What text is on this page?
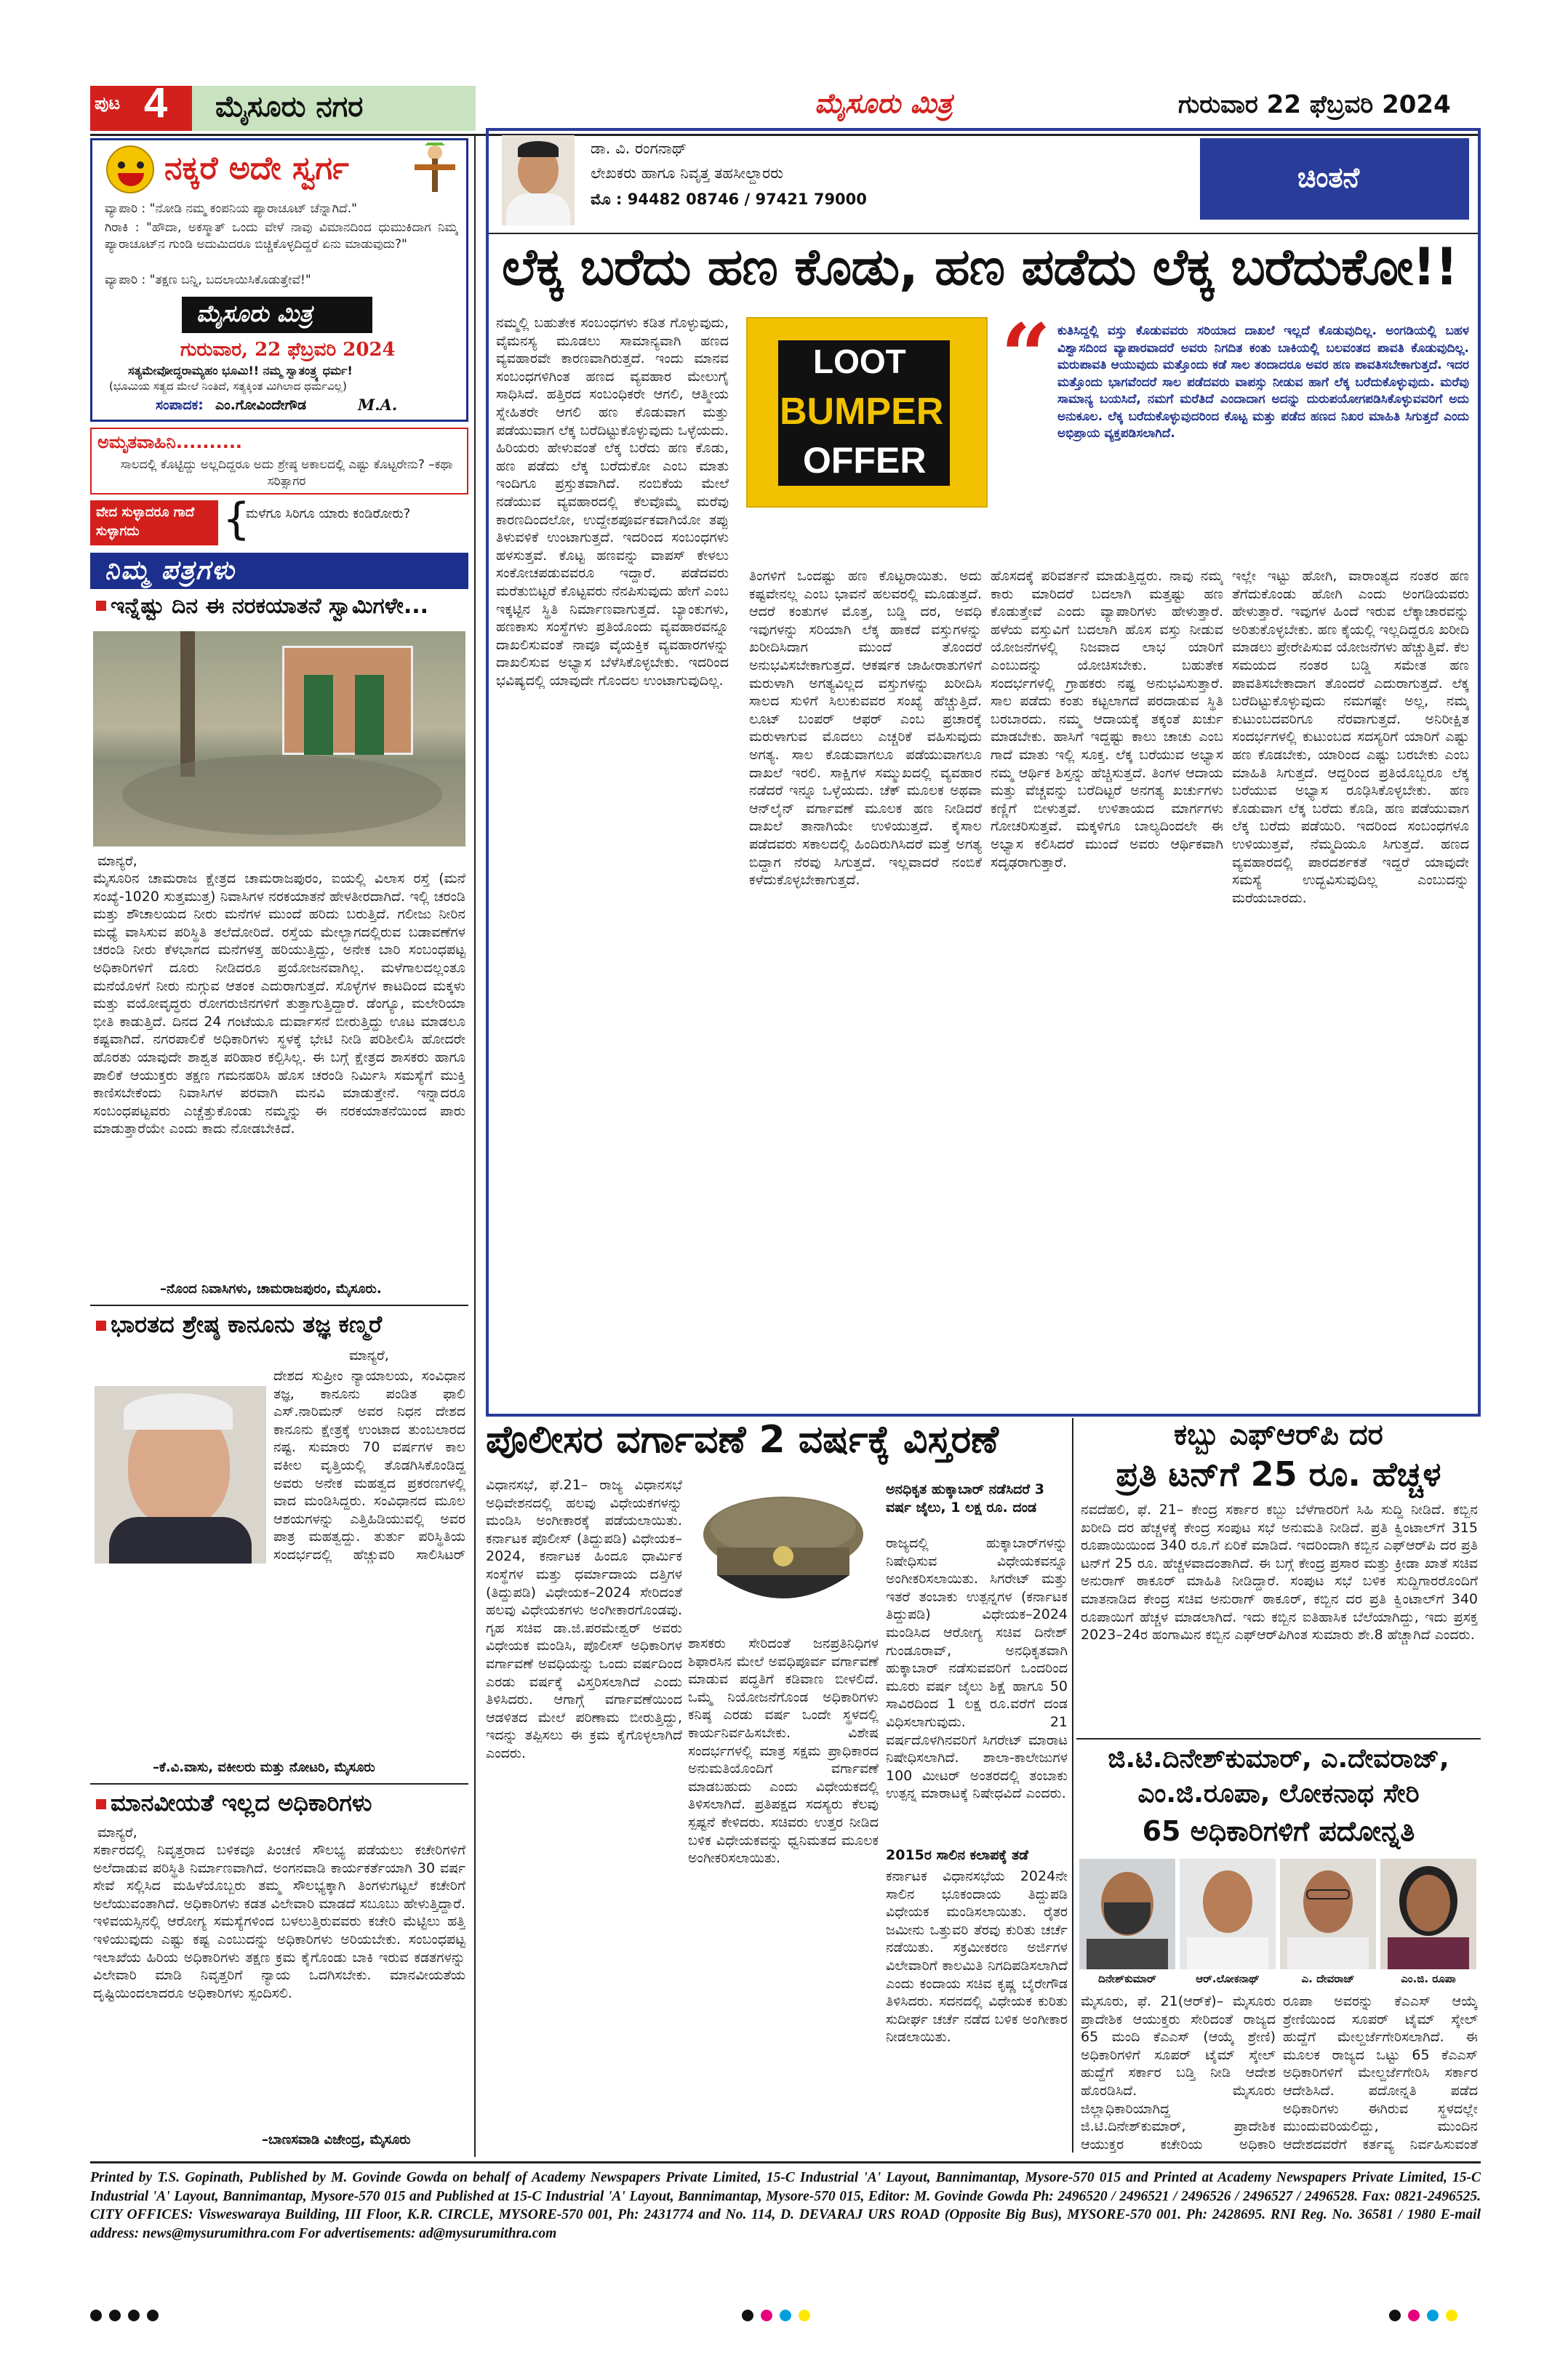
ಪುಟ 4 ಮೈಸೂರು ನಗರ	ಮೈಸೂರು ಮಿತ್ರ	ಗುರುವಾರ 22 ಫೆಬ್ರವರಿ 2024
ನಕ್ಕರೆ ಅದೇ ಸ್ವರ್ಗ
ವ್ಯಾಪಾರಿ : "ನೋಡಿ ನಮ್ಮ ಕಂಪನಿಯ ಪ್ಯಾರಾಚೂಟ್ ಚೆನ್ನಾಗಿದೆ."
ಗಿರಾಕಿ : "ಹೌದಾ, ಅಕಸ್ಮಾತ್ ಒಂದು ವೇಳೆ ನಾವು ವಿಮಾನದಿಂದ ಧುಮುಕಿದಾಗ ನಿಮ್ಮ ಪ್ಯಾರಾಚೂಟ್‌ನ ಗುಂಡಿ ಅದುಮಿದರೂ ಬಿಚ್ಚಿಕೊಳ್ಳದಿದ್ದರೆ ಏನು ಮಾಡುವುದು?"
ವ್ಯಾಪಾರಿ : "ತಕ್ಷಣ ಬನ್ನಿ, ಬದಲಾಯಿಸಿಕೊಡುತ್ತೇವೆ!"
ಮೈಸೂರು ಮಿತ್ರ
ಗುರುವಾರ, 22 ಫೆಬ್ರವರಿ 2024
ಸತ್ಯಮೇವೋದ್ಧರಾಮ್ಯಹಂ ಭೂಮಿ!! ನಮ್ಮ ಸ್ವಾತಂತ್ರ್ಯ ಧರ್ಮ!
(ಭೂಮಿಯ ಸತ್ಯದ ಮೇಲೆ ನಿಂತಿದೆ, ಸತ್ಯಕ್ಕಿಂತ ಮಿಗಿಲಾದ ಧರ್ಮವಿಲ್ಲ)
ಸಂಪಾದಕ: ಎಂ.ಗೋವಿಂದೇಗೌಡ	M.A.
ಅಮೃತವಾಹಿನಿ..........
ಸಾಲದಲ್ಲಿ ಕೊಟ್ಟಿದ್ದು ಅಲ್ಲದಿದ್ದರೂ ಅದು ಶ್ರೇಷ್ಠ ಅಕಾಲದಲ್ಲಿ ಎಷ್ಟು ಕೊಟ್ಟರೇನು? –ಕಥಾ ಸರಿತ್ಸಾಗರ
ವೇದ ಸುಳ್ಳಾದರೂ ಗಾದೆ ಸುಳ್ಳಾಗದು	{
ಮಳೆಗೂ ಸಿರಿಗೂ ಯಾರು ಕಂಡಿರೋರು?
ನಿಮ್ಮ ಪತ್ರಗಳು
ಇನ್ನೆಷ್ಟು ದಿನ ಈ ನರಕಯಾತನೆ ಸ್ವಾಮಿಗಳೇ...
ಮಾನ್ಯರೆ,
ಮೈಸೂರಿನ ಚಾಮರಾಜ ಕ್ಷೇತ್ರದ ಚಾಮರಾಜಪುರಂ, ಐಯಲ್ಲಿ ವಿಲಾಸ ರಸ್ತೆ (ಮನೆ ಸಂಖ್ಯೆ-1020 ಸುತ್ತಮುತ್ತ) ನಿವಾಸಿಗಳ ನರಕಯಾತನೆ ಹೇಳತೀರದಾಗಿದೆ. ಇಲ್ಲಿ ಚರಂಡಿ ಮತ್ತು ಶೌಚಾಲಯದ ನೀರು ಮನೆಗಳ ಮುಂದೆ ಹರಿದು ಬರುತ್ತಿದೆ. ಗಲೀಜು ನೀರಿನ ಮಧ್ಯೆ ವಾಸಿಸುವ ಪರಿಸ್ಥಿತಿ ತಲೆದೋರಿದೆ. ರಸ್ತೆಯ ಮೇಲ್ಭಾಗದಲ್ಲಿರುವ ಬಡಾವಣೆಗಳ ಚರಂಡಿ ನೀರು ಕೆಳಭಾಗದ ಮನೆಗಳತ್ತ ಹರಿಯುತ್ತಿದ್ದು, ಅನೇಕ ಬಾರಿ ಸಂಬಂಧಪಟ್ಟ ಅಧಿಕಾರಿಗಳಿಗೆ ದೂರು ನೀಡಿದರೂ ಪ್ರಯೋಜನವಾಗಿಲ್ಲ. ಮಳೆಗಾಲದಲ್ಲಂತೂ ಮನೆಯೊಳಗೆ ನೀರು ನುಗ್ಗುವ ಆತಂಕ ಎದುರಾಗುತ್ತದೆ. ಸೊಳ್ಳೆಗಳ ಕಾಟದಿಂದ ಮಕ್ಕಳು ಮತ್ತು ವಯೋವೃದ್ಧರು ರೋಗರುಜಿನಗಳಿಗೆ ತುತ್ತಾಗುತ್ತಿದ್ದಾರೆ. ಡೆಂಗ್ಯೂ, ಮಲೇರಿಯಾ ಭೀತಿ ಕಾಡುತ್ತಿದೆ. ದಿನದ 24 ಗಂಟೆಯೂ ದುರ್ವಾಸನೆ ಬೀರುತ್ತಿದ್ದು ಊಟ ಮಾಡಲೂ ಕಷ್ಟವಾಗಿದೆ. ನಗರಪಾಲಿಕೆ ಅಧಿಕಾರಿಗಳು ಸ್ಥಳಕ್ಕೆ ಭೇಟಿ ನೀಡಿ ಪರಿಶೀಲಿಸಿ ಹೋದರೇ ಹೊರತು ಯಾವುದೇ ಶಾಶ್ವತ ಪರಿಹಾರ ಕಲ್ಪಿಸಿಲ್ಲ. ಈ ಬಗ್ಗೆ ಕ್ಷೇತ್ರದ ಶಾಸಕರು ಹಾಗೂ ಪಾಲಿಕೆ ಆಯುಕ್ತರು ತಕ್ಷಣ ಗಮನಹರಿಸಿ ಹೊಸ ಚರಂಡಿ ನಿರ್ಮಿಸಿ ಸಮಸ್ಯೆಗೆ ಮುಕ್ತಿ ಕಾಣಿಸಬೇಕೆಂದು ನಿವಾಸಿಗಳ ಪರವಾಗಿ ಮನವಿ ಮಾಡುತ್ತೇನೆ. ಇನ್ನಾದರೂ ಸಂಬಂಧಪಟ್ಟವರು ಎಚ್ಚೆತ್ತುಕೊಂಡು ನಮ್ಮನ್ನು ಈ ನರಕಯಾತನೆಯಿಂದ ಪಾರು ಮಾಡುತ್ತಾರೆಯೇ ಎಂದು ಕಾದು ನೋಡಬೇಕಿದೆ.
–ನೊಂದ ನಿವಾಸಿಗಳು, ಚಾಮರಾಜಪುರಂ, ಮೈಸೂರು.
ಭಾರತದ ಶ್ರೇಷ್ಠ ಕಾನೂನು ತಜ್ಞ ಕಣ್ಮರೆ
ಮಾನ್ಯರೆ,
ದೇಶದ ಸುಪ್ರೀಂ ನ್ಯಾಯಾಲಯ, ಸಂವಿಧಾನ ತಜ್ಞ, ಕಾನೂನು ಪಂಡಿತ ಫಾಲಿ ಎಸ್.ನಾರಿಮನ್ ಅವರ ನಿಧನ ದೇಶದ ಕಾನೂನು ಕ್ಷೇತ್ರಕ್ಕೆ ಉಂಟಾದ ತುಂಬಲಾರದ ನಷ್ಟ. ಸುಮಾರು 70 ವರ್ಷಗಳ ಕಾಲ ವಕೀಲ ವೃತ್ತಿಯಲ್ಲಿ ತೊಡಗಿಸಿಕೊಂಡಿದ್ದ ಅವರು ಅನೇಕ ಮಹತ್ವದ ಪ್ರಕರಣಗಳಲ್ಲಿ ವಾದ ಮಂಡಿಸಿದ್ದರು. ಸಂವಿಧಾನದ ಮೂಲ ಆಶಯಗಳನ್ನು ಎತ್ತಿಹಿಡಿಯುವಲ್ಲಿ ಅವರ ಪಾತ್ರ ಮಹತ್ವದ್ದು. ತುರ್ತು ಪರಿಸ್ಥಿತಿಯ ಸಂದರ್ಭದಲ್ಲಿ ಹೆಚ್ಚುವರಿ ಸಾಲಿಸಿಟರ್
–ಕೆ.ವಿ.ವಾಸು, ವಕೀಲರು ಮತ್ತು ನೋಟರಿ, ಮೈಸೂರು
ಮಾನವೀಯತೆ ಇಲ್ಲದ ಅಧಿಕಾರಿಗಳು
ಮಾನ್ಯರೆ,
ಸರ್ಕಾರದಲ್ಲಿ ನಿವೃತ್ತರಾದ ಬಳಿಕವೂ ಪಿಂಚಣಿ ಸೌಲಭ್ಯ ಪಡೆಯಲು ಕಚೇರಿಗಳಿಗೆ ಅಲೆದಾಡುವ ಪರಿಸ್ಥಿತಿ ನಿರ್ಮಾಣವಾಗಿದೆ. ಅಂಗನವಾಡಿ ಕಾರ್ಯಕರ್ತೆಯಾಗಿ 30 ವರ್ಷ ಸೇವೆ ಸಲ್ಲಿಸಿದ ಮಹಿಳೆಯೊಬ್ಬರು ತಮ್ಮ ಸೌಲಭ್ಯಕ್ಕಾಗಿ ತಿಂಗಳುಗಟ್ಟಲೆ ಕಚೇರಿಗೆ ಅಲೆಯುವಂತಾಗಿದೆ. ಅಧಿಕಾರಿಗಳು ಕಡತ ವಿಲೇವಾರಿ ಮಾಡದೆ ಸಬೂಬು ಹೇಳುತ್ತಿದ್ದಾರೆ. ಇಳಿವಯಸ್ಸಿನಲ್ಲಿ ಆರೋಗ್ಯ ಸಮಸ್ಯೆಗಳಿಂದ ಬಳಲುತ್ತಿರುವವರು ಕಚೇರಿ ಮೆಟ್ಟಿಲು ಹತ್ತಿ ಇಳಿಯುವುದು ಎಷ್ಟು ಕಷ್ಟ ಎಂಬುದನ್ನು ಅಧಿಕಾರಿಗಳು ಅರಿಯಬೇಕು. ಸಂಬಂಧಪಟ್ಟ ಇಲಾಖೆಯ ಹಿರಿಯ ಅಧಿಕಾರಿಗಳು ತಕ್ಷಣ ಕ್ರಮ ಕೈಗೊಂಡು ಬಾಕಿ ಇರುವ ಕಡತಗಳನ್ನು ವಿಲೇವಾರಿ ಮಾಡಿ ನಿವೃತ್ತರಿಗೆ ನ್ಯಾಯ ಒದಗಿಸಬೇಕು. ಮಾನವೀಯತೆಯ ದೃಷ್ಟಿಯಿಂದಲಾದರೂ ಅಧಿಕಾರಿಗಳು ಸ್ಪಂದಿಸಲಿ.
–ಬಾಣಸವಾಡಿ ವಿಜೇಂದ್ರ, ಮೈಸೂರು
ಡಾ. ವಿ. ರಂಗನಾಥ್
ಲೇಖಕರು ಹಾಗೂ ನಿವೃತ್ತ ತಹಸೀಲ್ದಾರರು
ಮೊ : 94482 08746 / 97421 79000
ಚಿಂತನೆ
ಲೆಕ್ಕ ಬರೆದು ಹಣ ಕೊಡು, ಹಣ ಪಡೆದು ಲೆಕ್ಕ ಬರೆದುಕೋ!!
ನಮ್ಮಲ್ಲಿ ಬಹುತೇಕ ಸಂಬಂಧಗಳು ಕಡಿತ ಗೊಳ್ಳುವುದು, ವೈಮನಸ್ಯ ಮೂಡಲು ಸಾಮಾನ್ಯವಾಗಿ ಹಣದ ವ್ಯವಹಾರವೇ ಕಾರಣವಾಗಿರುತ್ತದೆ. ಇಂದು ಮಾನವ ಸಂಬಂಧಗಳಿಗಿಂತ ಹಣದ ವ್ಯವಹಾರ ಮೇಲುಗೈ ಸಾಧಿಸಿದೆ. ಹತ್ತಿರದ ಸಂಬಂಧಿಕರೇ ಆಗಲಿ, ಆತ್ಮೀಯ ಸ್ನೇಹಿತರೇ ಆಗಲಿ ಹಣ ಕೊಡುವಾಗ ಮತ್ತು ಪಡೆಯುವಾಗ ಲೆಕ್ಕ ಬರೆದಿಟ್ಟುಕೊಳ್ಳುವುದು ಒಳ್ಳೆಯದು. ಹಿರಿಯರು ಹೇಳುವಂತೆ ಲೆಕ್ಕ ಬರೆದು ಹಣ ಕೊಡು, ಹಣ ಪಡೆದು ಲೆಕ್ಕ ಬರೆದುಕೋ ಎಂಬ ಮಾತು ಇಂದಿಗೂ ಪ್ರಸ್ತುತವಾಗಿದೆ. ನಂಬಿಕೆಯ ಮೇಲೆ ನಡೆಯುವ ವ್ಯವಹಾರದಲ್ಲಿ ಕೆಲವೊಮ್ಮೆ ಮರೆವು ಕಾರಣದಿಂದಲೋ, ಉದ್ದೇಶಪೂರ್ವಕವಾಗಿಯೋ ತಪ್ಪು ತಿಳುವಳಿಕೆ ಉಂಟಾಗುತ್ತದೆ. ಇದರಿಂದ ಸಂಬಂಧಗಳು ಹಳಸುತ್ತವೆ. ಕೊಟ್ಟ ಹಣವನ್ನು ವಾಪಸ್ ಕೇಳಲು ಸಂಕೋಚಪಡುವವರೂ ಇದ್ದಾರೆ. ಪಡೆದವರು ಮರೆತುಬಿಟ್ಟರೆ ಕೊಟ್ಟವರು ನೆನಪಿಸುವುದು ಹೇಗೆ ಎಂಬ ಇಕ್ಕಟ್ಟಿನ ಸ್ಥಿತಿ ನಿರ್ಮಾಣವಾಗುತ್ತದೆ. ಬ್ಯಾಂಕುಗಳು, ಹಣಕಾಸು ಸಂಸ್ಥೆಗಳು ಪ್ರತಿಯೊಂದು ವ್ಯವಹಾರವನ್ನೂ ದಾಖಲಿಸುವಂತೆ ನಾವೂ ವೈಯಕ್ತಿಕ ವ್ಯವಹಾರಗಳನ್ನು ದಾಖಲಿಸುವ ಅಭ್ಯಾಸ ಬೆಳೆಸಿಕೊಳ್ಳಬೇಕು. ಇದರಿಂದ ಭವಿಷ್ಯದಲ್ಲಿ ಯಾವುದೇ ಗೊಂದಲ ಉಂಟಾಗುವುದಿಲ್ಲ.
LOOT
BUMPER
OFFER
“ ಕುತಿಸಿದ್ದಲ್ಲಿ ವಸ್ತು ಕೊಡುವವರು ಸರಿಯಾದ ದಾಖಲೆ ಇಲ್ಲದೆ ಕೊಡುವುದಿಲ್ಲ. ಅಂಗಡಿಯಲ್ಲಿ ಬಹಳ ವಿಶ್ವಾಸದಿಂದ ವ್ಯಾಪಾರವಾದರೆ ಅವರು ನಿಗದಿತ ಕಂತು ಬಾಕಿಯಲ್ಲಿ ಬಲವಂತದ ಪಾವತಿ ಕೊಡುವುದಿಲ್ಲ. ಮರುಪಾವತಿ ಆಯುವುದು ಮತ್ತೊಂದು ಕಡೆ ಸಾಲ ತಂದಾದರೂ ಅವರ ಹಣ ಪಾವತಿಸಬೇಕಾಗುತ್ತದೆ. ಇದರ ಮತ್ತೊಂದು ಭಾಗವೆಂದರೆ ಸಾಲ ಪಡೆದವರು ವಾಪಸ್ಸು ನೀಡುವ ಹಾಗೆ ಲೆಕ್ಕ ಬರೆದುಕೊಳ್ಳುವುದು. ಮರೆವು ಸಾಮಾನ್ಯ ಬಯಸಿದೆ, ನಮಗೆ ಮರೆತಿದೆ ಎಂದಾದಾಗ ಅದನ್ನು ದುರುಪಯೋಗಪಡಿಸಿಕೊಳ್ಳುವವರಿಗೆ ಅದು ಅನುಕೂಲ. ಲೆಕ್ಕ ಬರೆದುಕೊಳ್ಳುವುದರಿಂದ ಕೊಟ್ಟ ಮತ್ತು ಪಡೆದ ಹಣದ ನಿಖರ ಮಾಹಿತಿ ಸಿಗುತ್ತದೆ ಎಂದು ಅಭಿಪ್ರಾಯ ವ್ಯಕ್ತಪಡಿಸಲಾಗಿದೆ.
ತಿಂಗಳಿಗೆ ಒಂದಷ್ಟು ಹಣ ಕೊಟ್ಟರಾಯಿತು. ಅದು ಕಷ್ಟವೇನಲ್ಲ ಎಂಬ ಭಾವನೆ ಹಲವರಲ್ಲಿ ಮೂಡುತ್ತದೆ. ಆದರೆ ಕಂತುಗಳ ಮೊತ್ತ, ಬಡ್ಡಿ ದರ, ಅವಧಿ ಇವುಗಳನ್ನು ಸರಿಯಾಗಿ ಲೆಕ್ಕ ಹಾಕದೆ ವಸ್ತುಗಳನ್ನು ಖರೀದಿಸಿದಾಗ ಮುಂದೆ ತೊಂದರೆ ಅನುಭವಿಸಬೇಕಾಗುತ್ತದೆ. ಆಕರ್ಷಕ ಜಾಹೀರಾತುಗಳಿಗೆ ಮರುಳಾಗಿ ಅಗತ್ಯವಿಲ್ಲದ ವಸ್ತುಗಳನ್ನು ಖರೀದಿಸಿ ಸಾಲದ ಸುಳಿಗೆ ಸಿಲುಕುವವರ ಸಂಖ್ಯೆ ಹೆಚ್ಚುತ್ತಿದೆ. ಲೂಟ್ ಬಂಪರ್ ಆಫರ್ ಎಂಬ ಪ್ರಚಾರಕ್ಕೆ ಮರುಳಾಗುವ ಮೊದಲು ಎಚ್ಚರಿಕೆ ವಹಿಸುವುದು ಅಗತ್ಯ. ಸಾಲ ಕೊಡುವಾಗಲೂ ಪಡೆಯುವಾಗಲೂ ದಾಖಲೆ ಇರಲಿ. ಸಾಕ್ಷಿಗಳ ಸಮ್ಮುಖದಲ್ಲಿ ವ್ಯವಹಾರ ನಡೆದರೆ ಇನ್ನೂ ಒಳ್ಳೆಯದು. ಚೆಕ್ ಮೂಲಕ ಅಥವಾ ಆನ್‌ಲೈನ್ ವರ್ಗಾವಣೆ ಮೂಲಕ ಹಣ ನೀಡಿದರೆ ದಾಖಲೆ ತಾನಾಗಿಯೇ ಉಳಿಯುತ್ತದೆ. ಕೈಸಾಲ ಪಡೆದವರು ಸಕಾಲದಲ್ಲಿ ಹಿಂದಿರುಗಿಸಿದರೆ ಮತ್ತೆ ಅಗತ್ಯ ಬಿದ್ದಾಗ ನೆರವು ಸಿಗುತ್ತದೆ. ಇಲ್ಲವಾದರೆ ನಂಬಿಕೆ ಕಳೆದುಕೊಳ್ಳಬೇಕಾಗುತ್ತದೆ.
ಹೊಸದಕ್ಕೆ ಪರಿವರ್ತನೆ ಮಾಡುತ್ತಿದ್ದರು. ನಾವು ನಮ್ಮ ಕಾರು ಮಾರಿದರೆ ಬದಲಾಗಿ ಮತ್ತಷ್ಟು ಹಣ ಕೊಡುತ್ತೇವೆ ಎಂದು ವ್ಯಾಪಾರಿಗಳು ಹೇಳುತ್ತಾರೆ. ಹಳೆಯ ವಸ್ತುವಿಗೆ ಬದಲಾಗಿ ಹೊಸ ವಸ್ತು ನೀಡುವ ಯೋಜನೆಗಳಲ್ಲಿ ನಿಜವಾದ ಲಾಭ ಯಾರಿಗೆ ಎಂಬುದನ್ನು ಯೋಚಿಸಬೇಕು. ಬಹುತೇಕ ಸಂದರ್ಭಗಳಲ್ಲಿ ಗ್ರಾಹಕರು ನಷ್ಟ ಅನುಭವಿಸುತ್ತಾರೆ. ಸಾಲ ಪಡೆದು ಕಂತು ಕಟ್ಟಲಾಗದೆ ಪರದಾಡುವ ಸ್ಥಿತಿ ಬರಬಾರದು. ನಮ್ಮ ಆದಾಯಕ್ಕೆ ತಕ್ಕಂತೆ ಖರ್ಚು ಮಾಡಬೇಕು. ಹಾಸಿಗೆ ಇದ್ದಷ್ಟು ಕಾಲು ಚಾಚು ಎಂಬ ಗಾದೆ ಮಾತು ಇಲ್ಲಿ ಸೂಕ್ತ. ಲೆಕ್ಕ ಬರೆಯುವ ಅಭ್ಯಾಸ ನಮ್ಮ ಆರ್ಥಿಕ ಶಿಸ್ತನ್ನು ಹೆಚ್ಚಿಸುತ್ತದೆ. ತಿಂಗಳ ಆದಾಯ ಮತ್ತು ವೆಚ್ಚವನ್ನು ಬರೆದಿಟ್ಟರೆ ಅನಗತ್ಯ ಖರ್ಚುಗಳು ಕಣ್ಣಿಗೆ ಬೀಳುತ್ತವೆ. ಉಳಿತಾಯದ ಮಾರ್ಗಗಳು ಗೋಚರಿಸುತ್ತವೆ. ಮಕ್ಕಳಿಗೂ ಬಾಲ್ಯದಿಂದಲೇ ಈ ಅಭ್ಯಾಸ ಕಲಿಸಿದರೆ ಮುಂದೆ ಅವರು ಆರ್ಥಿಕವಾಗಿ ಸದೃಢರಾಗುತ್ತಾರೆ.
ಇಲ್ಲೇ ಇಟ್ಟು ಹೋಗಿ, ವಾರಾಂತ್ಯದ ನಂತರ ಹಣ ತೆಗೆದುಕೊಂಡು ಹೋಗಿ ಎಂದು ಅಂಗಡಿಯವರು ಹೇಳುತ್ತಾರೆ. ಇವುಗಳ ಹಿಂದೆ ಇರುವ ಲೆಕ್ಕಾಚಾರವನ್ನು ಅರಿತುಕೊಳ್ಳಬೇಕು. ಹಣ ಕೈಯಲ್ಲಿ ಇಲ್ಲದಿದ್ದರೂ ಖರೀದಿ ಮಾಡಲು ಪ್ರೇರೇಪಿಸುವ ಯೋಜನೆಗಳು ಹೆಚ್ಚುತ್ತಿವೆ. ಕೆಲ ಸಮಯದ ನಂತರ ಬಡ್ಡಿ ಸಮೇತ ಹಣ ಪಾವತಿಸಬೇಕಾದಾಗ ತೊಂದರೆ ಎದುರಾಗುತ್ತದೆ. ಲೆಕ್ಕ ಬರೆದಿಟ್ಟುಕೊಳ್ಳುವುದು ನಮಗಷ್ಟೇ ಅಲ್ಲ, ನಮ್ಮ ಕುಟುಂಬದವರಿಗೂ ನೆರವಾಗುತ್ತದೆ. ಅನಿರೀಕ್ಷಿತ ಸಂದರ್ಭಗಳಲ್ಲಿ ಕುಟುಂಬದ ಸದಸ್ಯರಿಗೆ ಯಾರಿಗೆ ಎಷ್ಟು ಹಣ ಕೊಡಬೇಕು, ಯಾರಿಂದ ಎಷ್ಟು ಬರಬೇಕು ಎಂಬ ಮಾಹಿತಿ ಸಿಗುತ್ತದೆ. ಆದ್ದರಿಂದ ಪ್ರತಿಯೊಬ್ಬರೂ ಲೆಕ್ಕ ಬರೆಯುವ ಅಭ್ಯಾಸ ರೂಢಿಸಿಕೊಳ್ಳಬೇಕು. ಹಣ ಕೊಡುವಾಗ ಲೆಕ್ಕ ಬರೆದು ಕೊಡಿ, ಹಣ ಪಡೆಯುವಾಗ ಲೆಕ್ಕ ಬರೆದು ಪಡೆಯಿರಿ. ಇದರಿಂದ ಸಂಬಂಧಗಳೂ ಉಳಿಯುತ್ತವೆ, ನೆಮ್ಮದಿಯೂ ಸಿಗುತ್ತದೆ. ಹಣದ ವ್ಯವಹಾರದಲ್ಲಿ ಪಾರದರ್ಶಕತೆ ಇದ್ದರೆ ಯಾವುದೇ ಸಮಸ್ಯೆ ಉದ್ಭವಿಸುವುದಿಲ್ಲ ಎಂಬುದನ್ನು ಮರೆಯಬಾರದು.
ಪೊಲೀಸರ ವರ್ಗಾವಣೆ 2 ವರ್ಷಕ್ಕೆ ವಿಸ್ತರಣೆ
ವಿಧಾನಸಭೆ, ಫೆ.21– ರಾಜ್ಯ ವಿಧಾನಸಭೆ ಅಧಿವೇಶನದಲ್ಲಿ ಹಲವು ವಿಧೇಯಕಗಳನ್ನು ಮಂಡಿಸಿ ಅಂಗೀಕಾರಕ್ಕೆ ಪಡೆಯಲಾಯಿತು. ಕರ್ನಾಟಕ ಪೊಲೀಸ್ (ತಿದ್ದುಪಡಿ) ವಿಧೇಯಕ–2024, ಕರ್ನಾಟಕ ಹಿಂದೂ ಧಾರ್ಮಿಕ ಸಂಸ್ಥೆಗಳ ಮತ್ತು ಧರ್ಮಾದಾಯ ದತ್ತಿಗಳ (ತಿದ್ದುಪಡಿ) ವಿಧೇಯಕ–2024 ಸೇರಿದಂತೆ ಹಲವು ವಿಧೇಯಕಗಳು ಅಂಗೀಕಾರಗೊಂಡವು. ಗೃಹ ಸಚಿವ ಡಾ.ಜಿ.ಪರಮೇಶ್ವರ್ ಅವರು ವಿಧೇಯಕ ಮಂಡಿಸಿ, ಪೊಲೀಸ್ ಅಧಿಕಾರಿಗಳ ವರ್ಗಾವಣೆ ಅವಧಿಯನ್ನು ಒಂದು ವರ್ಷದಿಂದ ಎರಡು ವರ್ಷಕ್ಕೆ ವಿಸ್ತರಿಸಲಾಗಿದೆ ಎಂದು ತಿಳಿಸಿದರು. ಆಗಾಗ್ಗೆ ವರ್ಗಾವಣೆಯಿಂದ ಆಡಳಿತದ ಮೇಲೆ ಪರಿಣಾಮ ಬೀರುತ್ತಿದ್ದು, ಇದನ್ನು ತಪ್ಪಿಸಲು ಈ ಕ್ರಮ ಕೈಗೊಳ್ಳಲಾಗಿದೆ ಎಂದರು.
ಶಾಸಕರು ಸೇರಿದಂತೆ ಜನಪ್ರತಿನಿಧಿಗಳ ಶಿಫಾರಸಿನ ಮೇಲೆ ಅವಧಿಪೂರ್ವ ವರ್ಗಾವಣೆ ಮಾಡುವ ಪದ್ಧತಿಗೆ ಕಡಿವಾಣ ಬೀಳಲಿದೆ. ಒಮ್ಮೆ ನಿಯೋಜನೆಗೊಂಡ ಅಧಿಕಾರಿಗಳು ಕನಿಷ್ಠ ಎರಡು ವರ್ಷ ಒಂದೇ ಸ್ಥಳದಲ್ಲಿ ಕಾರ್ಯನಿರ್ವಹಿಸಬೇಕು. ವಿಶೇಷ ಸಂದರ್ಭಗಳಲ್ಲಿ ಮಾತ್ರ ಸಕ್ಷಮ ಪ್ರಾಧಿಕಾರದ ಅನುಮತಿಯೊಂದಿಗೆ ವರ್ಗಾವಣೆ ಮಾಡಬಹುದು ಎಂದು ವಿಧೇಯಕದಲ್ಲಿ ತಿಳಿಸಲಾಗಿದೆ. ಪ್ರತಿಪಕ್ಷದ ಸದಸ್ಯರು ಕೆಲವು ಸ್ಪಷ್ಟನೆ ಕೇಳಿದರು. ಸಚಿವರು ಉತ್ತರ ನೀಡಿದ ಬಳಿಕ ವಿಧೇಯಕವನ್ನು ಧ್ವನಿಮತದ ಮೂಲಕ ಅಂಗೀಕರಿಸಲಾಯಿತು.
ಅನಧಿಕೃತ ಹುಕ್ಕಾಬಾರ್ ನಡೆಸಿದರೆ 3 ವರ್ಷ ಜೈಲು, 1 ಲಕ್ಷ ರೂ. ದಂಡ
ರಾಜ್ಯದಲ್ಲಿ ಹುಕ್ಕಾಬಾರ್‌ಗಳನ್ನು ನಿಷೇಧಿಸುವ ವಿಧೇಯಕವನ್ನೂ ಅಂಗೀಕರಿಸಲಾಯಿತು. ಸಿಗರೇಟ್ ಮತ್ತು ಇತರೆ ತಂಬಾಕು ಉತ್ಪನ್ನಗಳ (ಕರ್ನಾಟಕ ತಿದ್ದುಪಡಿ) ವಿಧೇಯಕ–2024 ಮಂಡಿಸಿದ ಆರೋಗ್ಯ ಸಚಿವ ದಿನೇಶ್ ಗುಂಡೂರಾವ್, ಅನಧಿಕೃತವಾಗಿ ಹುಕ್ಕಾಬಾರ್ ನಡೆಸುವವರಿಗೆ ಒಂದರಿಂದ ಮೂರು ವರ್ಷ ಜೈಲು ಶಿಕ್ಷೆ ಹಾಗೂ 50 ಸಾವಿರದಿಂದ 1 ಲಕ್ಷ ರೂ.ವರೆಗೆ ದಂಡ ವಿಧಿಸಲಾಗುವುದು. 21 ವರ್ಷದೊಳಗಿನವರಿಗೆ ಸಿಗರೇಟ್ ಮಾರಾಟ ನಿಷೇಧಿಸಲಾಗಿದೆ. ಶಾಲಾ-ಕಾಲೇಜುಗಳ 100 ಮೀಟರ್ ಅಂತರದಲ್ಲಿ ತಂಬಾಕು ಉತ್ಪನ್ನ ಮಾರಾಟಕ್ಕೆ ನಿಷೇಧವಿದೆ ಎಂದರು.
2015ರ ಸಾಲಿನ ಕಲಾಪಕ್ಕೆ ತಡೆ
ಕರ್ನಾಟಕ ವಿಧಾನಸಭೆಯ 2024ನೇ ಸಾಲಿನ ಭೂಕಂದಾಯ ತಿದ್ದುಪಡಿ ವಿಧೇಯಕ ಮಂಡಿಸಲಾಯಿತು. ರೈತರ ಜಮೀನು ಒತ್ತುವರಿ ತೆರವು ಕುರಿತು ಚರ್ಚೆ ನಡೆಯಿತು. ಸಕ್ರಮೀಕರಣ ಅರ್ಜಿಗಳ ವಿಲೇವಾರಿಗೆ ಕಾಲಮಿತಿ ನಿಗದಿಪಡಿಸಲಾಗಿದೆ ಎಂದು ಕಂದಾಯ ಸಚಿವ ಕೃಷ್ಣ ಬೈರೇಗೌಡ ತಿಳಿಸಿದರು. ಸದನದಲ್ಲಿ ವಿಧೇಯಕ ಕುರಿತು ಸುದೀರ್ಘ ಚರ್ಚೆ ನಡೆದ ಬಳಿಕ ಅಂಗೀಕಾರ ನೀಡಲಾಯಿತು.
ಕಬ್ಬು ಎಫ್‌ಆರ್‌ಪಿ ದರ
ಪ್ರತಿ ಟನ್‌ಗೆ 25 ರೂ. ಹೆಚ್ಚಳ
ನವದೆಹಲಿ, ಫೆ. 21– ಕೇಂದ್ರ ಸರ್ಕಾರ ಕಬ್ಬು ಬೆಳೆಗಾರರಿಗೆ ಸಿಹಿ ಸುದ್ದಿ ನೀಡಿದೆ. ಕಬ್ಬಿನ ಖರೀದಿ ದರ ಹೆಚ್ಚಳಕ್ಕೆ ಕೇಂದ್ರ ಸಂಪುಟ ಸಭೆ ಅನುಮತಿ ನೀಡಿದೆ. ಪ್ರತಿ ಕ್ವಿಂಟಾಲ್‌ಗೆ 315 ರೂಪಾಯಿಯಿಂದ 340 ರೂ.ಗೆ ಏರಿಕೆ ಮಾಡಿದೆ. ಇದರಿಂದಾಗಿ ಕಬ್ಬಿನ ಎಫ್‌ಆರ್‌ಪಿ ದರ ಪ್ರತಿ ಟನ್‌ಗೆ 25 ರೂ. ಹೆಚ್ಚಳವಾದಂತಾಗಿದೆ. ಈ ಬಗ್ಗೆ ಕೇಂದ್ರ ಪ್ರಸಾರ ಮತ್ತು ಕ್ರೀಡಾ ಖಾತೆ ಸಚಿವ ಅನುರಾಗ್ ಠಾಕೂರ್ ಮಾಹಿತಿ ನೀಡಿದ್ದಾರೆ. ಸಂಪುಟ ಸಭೆ ಬಳಿಕ ಸುದ್ದಿಗಾರರೊಂದಿಗೆ ಮಾತನಾಡಿದ ಕೇಂದ್ರ ಸಚಿವ ಅನುರಾಗ್ ಠಾಕೂರ್, ಕಬ್ಬಿನ ದರ ಪ್ರತಿ ಕ್ವಿಂಟಾಲ್‌ಗೆ 340 ರೂಪಾಯಿಗೆ ಹೆಚ್ಚಳ ಮಾಡಲಾಗಿದೆ. ಇದು ಕಬ್ಬಿನ ಐತಿಹಾಸಿಕ ಬೆಲೆಯಾಗಿದ್ದು, ಇದು ಪ್ರಸಕ್ತ 2023–24ರ ಹಂಗಾಮಿನ ಕಬ್ಬಿನ ಎಫ್‌ಆರ್‌ಪಿಗಿಂತ ಸುಮಾರು ಶೇ.8 ಹೆಚ್ಚಾಗಿದೆ ಎಂದರು.
ಜಿ.ಟಿ.ದಿನೇಶ್‌ಕುಮಾರ್, ಎ.ದೇವರಾಜ್,
ಎಂ.ಜಿ.ರೂಪಾ, ಲೋಕನಾಥ ಸೇರಿ
65 ಅಧಿಕಾರಿಗಳಿಗೆ ಪದೋನ್ನತಿ
ದಿನೇಶ್‌ಕುಮಾರ್	ಆರ್.ಲೋಕನಾಥ್	ಎ. ದೇವರಾಜ್	ಎಂ.ಜಿ. ರೂಪಾ
ಮೈಸೂರು, ಫೆ. 21(ಆರ್‌ಕೆ)– ಮೈಸೂರು ಪ್ರಾದೇಶಿಕ ಆಯುಕ್ತರು ಸೇರಿದಂತೆ ರಾಜ್ಯದ 65 ಮಂದಿ ಕೆಎಎಸ್ (ಆಯ್ಕೆ ಶ್ರೇಣಿ) ಅಧಿಕಾರಿಗಳಿಗೆ ಸೂಪರ್ ಟೈಮ್ ಸ್ಕೇಲ್ ಹುದ್ದೆಗೆ ಸರ್ಕಾರ ಬಡ್ತಿ ನೀಡಿ ಆದೇಶ ಹೊರಡಿಸಿದೆ. ಮೈಸೂರು ಜಿಲ್ಲಾಧಿಕಾರಿಯಾಗಿದ್ದ ಜಿ.ಟಿ.ದಿನೇಶ್‌ಕುಮಾರ್, ಪ್ರಾದೇಶಿಕ ಆಯುಕ್ತರ ಕಚೇರಿಯ ಅಧಿಕಾರಿ
ರೂಪಾ ಅವರನ್ನು ಕೆಎಎಸ್ ಆಯ್ಕೆ ಶ್ರೇಣಿಯಿಂದ ಸೂಪರ್ ಟೈಮ್ ಸ್ಕೇಲ್ ಹುದ್ದೆಗೆ ಮೇಲ್ದರ್ಜೆಗೇರಿಸಲಾಗಿದೆ. ಈ ಮೂಲಕ ರಾಜ್ಯದ ಒಟ್ಟು 65 ಕೆಎಎಸ್ ಅಧಿಕಾರಿಗಳಿಗೆ ಮೇಲ್ದರ್ಜೆಗೇರಿಸಿ ಸರ್ಕಾರ ಆದೇಶಿಸಿದೆ. ಪದೋನ್ನತಿ ಪಡೆದ ಅಧಿಕಾರಿಗಳು ಈಗಿರುವ ಸ್ಥಳದಲ್ಲೇ ಮುಂದುವರಿಯಲಿದ್ದು, ಮುಂದಿನ ಆದೇಶದವರೆಗೆ ಕರ್ತವ್ಯ ನಿರ್ವಹಿಸುವಂತೆ
Printed by T.S. Gopinath, Published by M. Govinde Gowda on behalf of Academy Newspapers Private Limited, 15-C Industrial 'A' Layout, Bannimantap, Mysore-570 015 and Printed at Academy Newspapers Private Limited, 15-C Industrial 'A' Layout, Bannimantap, Mysore-570 015 and Published at 15-C Industrial 'A' Layout, Bannimantap, Mysore-570 015, Editor: M. Govinde Gowda Ph: 2496520 / 2496521 / 2496526 / 2496527 / 2496528. Fax: 0821-2496525. CITY OFFICES: Visweswaraya Building, III Floor, K.R. CIRCLE, MYSORE-570 001, Ph: 2431774 and No. 114, D. DEVARAJ URS ROAD (Opposite Big Bus), MYSORE-570 001. Ph: 2428695. RNI Reg. No. 36581 / 1980 E-mail address: news@mysurumithra.com For advertisements: ad@mysurumithra.com
